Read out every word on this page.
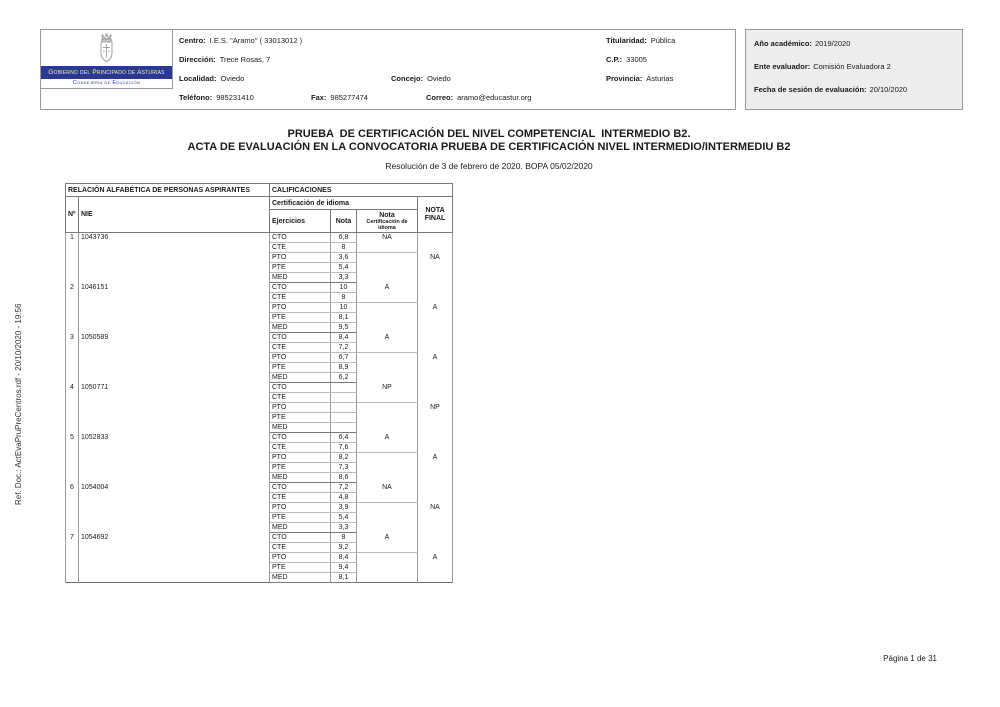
Gobierno del Principado de Asturias
Consejería de Educación
Centro: I.E.S. "Aramo" ( 33013012 )	Titularidad: Pública
Dirección: Trece Rosas, 7	C.P.: 33005
Localidad: Oviedo	Concejo: Oviedo	Provincia: Asturias
Teléfono: 985231410	Fax: 985277474	Correo: aramo@educastur.org
Año académico: 2019/2020
Ente evaluador: Comisión Evaluadora 2
Fecha de sesión de evaluación: 20/10/2020
PRUEBA  DE CERTIFICACIÓN DEL NIVEL COMPETENCIAL  INTERMEDIO B2.
ACTA DE EVALUACIÓN EN LA CONVOCATORIA PRUEBA DE CERTIFICACIÓN NIVEL INTERMEDIO/INTERMEDIU B2
Resolución de 3 de febrero de 2020. BOPA 05/02/2020
RELACIÓN ALFABÉTICA DE PERSONAS ASPIRANTES		CALIFICACIONES			
Nº	NIE	Certificación de idioma			NOTA FINAL
		Ejercicios	Nota	Nota
Certificación de idioma	

1	1043736	CTO	6,8	NA	NA
		CTE	8		
		PTO	3,6		
		PTE	5,4		
		MED	3,3		
2	1046151	CTO	10	A	A
		CTE	8		
		PTO	10		
		PTE	8,1		
		MED	9,5		
3	1050589	CTO	8,4	A	A
		CTE	7,2		
		PTO	6,7		
		PTE	8,9		
		MED	6,2		
4	1050771	CTO		NP	NP
		CTE			
		PTO			
		PTE			
		MED			
5	1052833	CTO	6,4	A	A
		CTE	7,6		
		PTO	8,2		
		PTE	7,3		
		MED	8,6		
6	1054004	CTO	7,2	NA	NA
		CTE	4,8		
		PTO	3,9		
		PTE	5,4		
		MED	3,3		
7	1054692	CTO	8	A	A
		CTE	9,2		
		PTO	8,4		
		PTE	9,4		
		MED	8,1		
Página 1 de 31
Ref. Doc.: ActEvaPruPreCentros.rdf - 20/10/2020 - 19:56
